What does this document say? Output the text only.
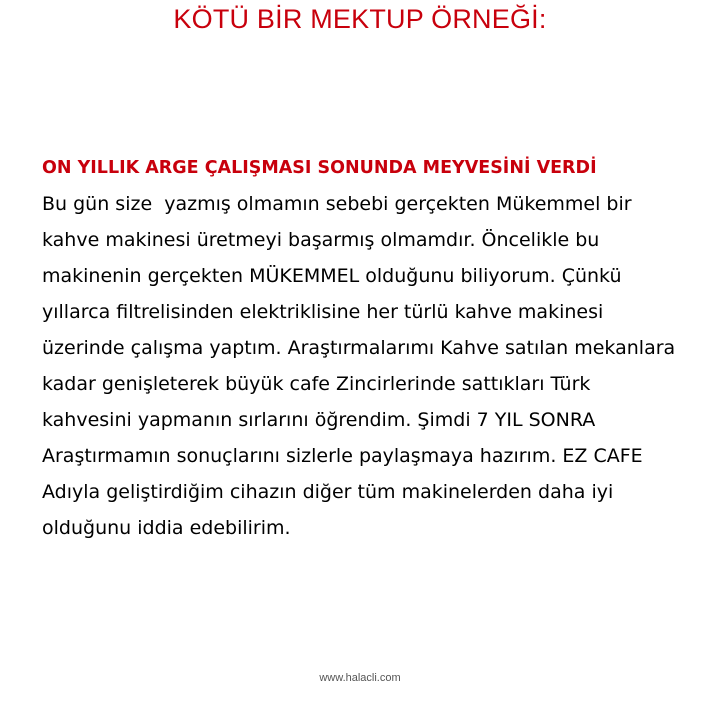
KÖTÜ BİR MEKTUP ÖRNEĞİ:
ON YILLIK ARGE ÇALIŞMASI SONUNDA MEYVESİNİ VERDİ
Bu gün size  yazmış olmamın sebebi gerçekten Mükemmel bir
kahve makinesi üretmeyi başarmış olmamdır. Öncelikle bu
makinenin gerçekten MÜKEMMEL olduğunu biliyorum. Çünkü
yıllarca filtrelisinden elektriklisine her türlü kahve makinesi
üzerinde çalışma yaptım. Araştırmalarımı Kahve satılan mekanlara
kadar genişleterek büyük cafe Zincirlerinde sattıkları Türk
kahvesini yapmanın sırlarını öğrendim. Şimdi 7 YIL SONRA
Araştırmamın sonuçlarını sizlerle paylaşmaya hazırım. EZ CAFE
Adıyla geliştirdiğim cihazın diğer tüm makinelerden daha iyi
olduğunu iddia edebilirim.
www.halacli.com
